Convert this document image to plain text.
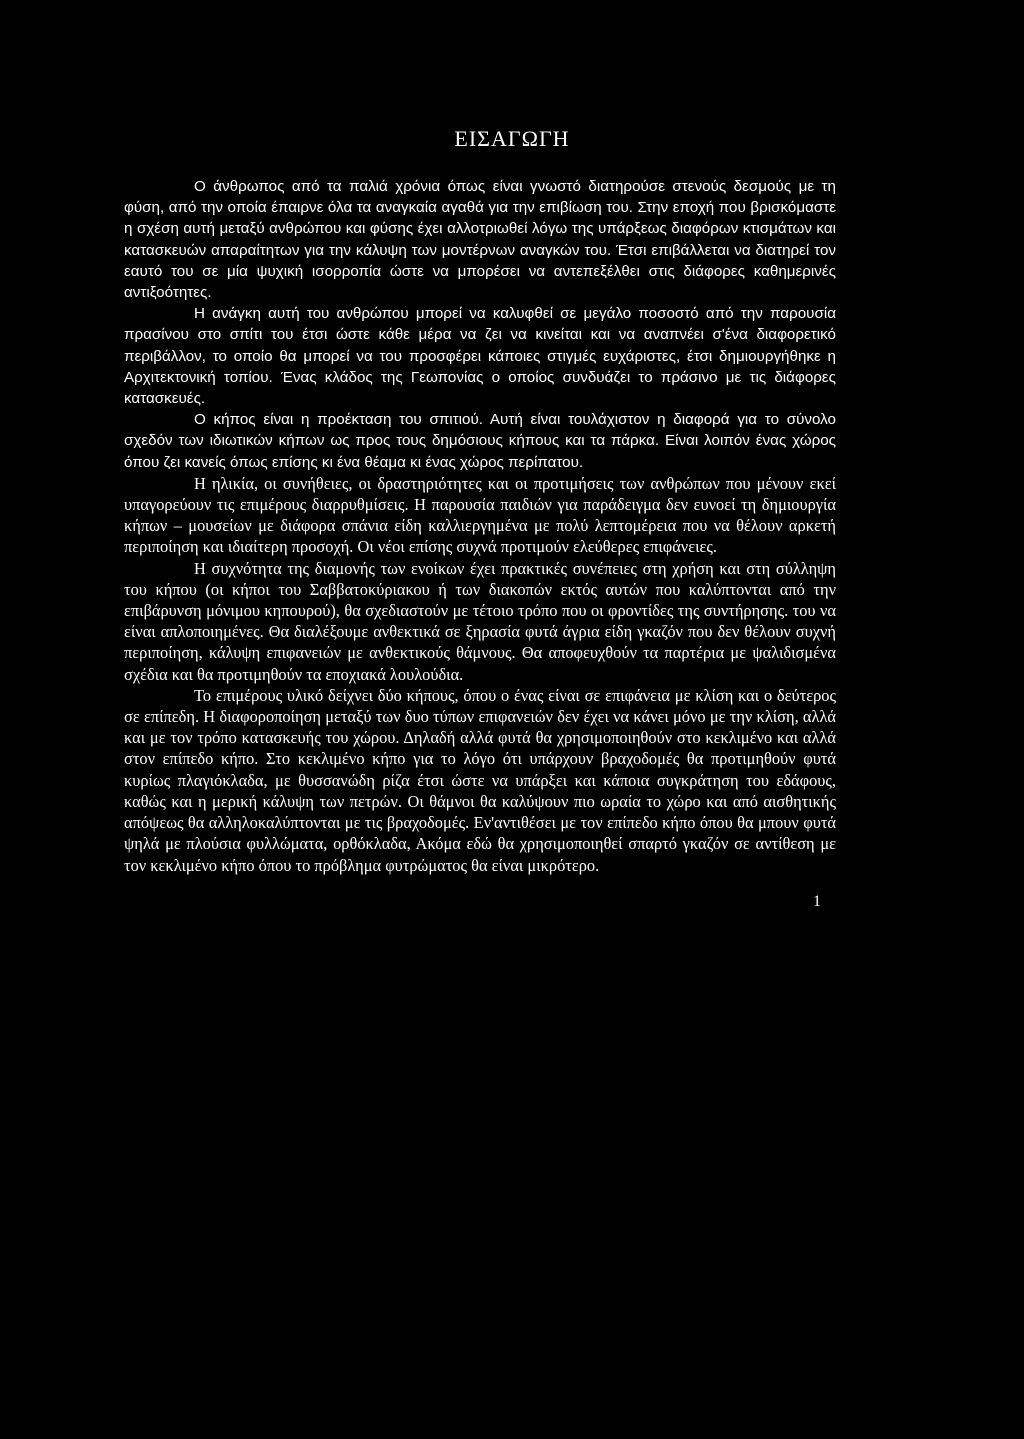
ΕΙΣΑΓΩΓΗ

Ο άνθρωπος από τα παλιά χρόνια όπως είναι γνωστό διατηρούσε στενούς δεσμούς με τη φύση, από την οποία έπαιρνε όλα τα αναγκαία αγαθά για την επιβίωση του. Στην εποχή που βρισκόμαστε η σχέση αυτή μεταξύ ανθρώπου και φύσης έχει αλλοτριωθεί λόγω της υπάρξεως διαφόρων κτισμάτων και κατασκευών απαραίτητων για την κάλυψη των μοντέρνων αναγκών του. Έτσι επιβάλλεται να διατηρεί τον εαυτό του σε μία ψυχική ισορροπία ώστε να μπορέσει να αντεπεξέλθει στις διάφορες καθημερινές αντιξοότητες.

Η ανάγκη αυτή του ανθρώπου μπορεί να καλυφθεί σε μεγάλο ποσοστό από την παρουσία πρασίνου στο σπίτι του έτσι ώστε κάθε μέρα να ζει να κινείται και να αναπνέει σ'ένα διαφορετικό περιβάλλον, το οποίο θα μπορεί να του προσφέρει κάποιες στιγμές ευχάριστες, έτσι δημιουργήθηκε η Αρχιτεκτονική τοπίου. Ένας κλάδος της Γεωπονίας ο οποίος συνδυάζει το πράσινο με τις διάφορες κατασκευές.

Ο κήπος είναι η προέκταση του σπιτιού. Αυτή είναι τουλάχιστον η διαφορά για το σύνολο σχεδόν των ιδιωτικών κήπων ως προς τους δημόσιους κήπους και τα πάρκα. Είναι λοιπόν ένας χώρος όπου ζει κανείς όπως επίσης κι ένα θέαμα κι ένας χώρος περίπατου.

Η ηλικία, οι συνήθειες, οι δραστηριότητες και οι προτιμήσεις των ανθρώπων που μένουν εκεί υπαγορεύουν τις επιμέρους διαρρυθμίσεις. Η παρουσία παιδιών για παράδειγμα δεν ευνοεί τη δημιουργία κήπων – μουσείων με διάφορα σπάνια είδη καλλιεργημένα με πολύ λεπτομέρεια που να θέλουν αρκετή περιποίηση και ιδιαίτερη προσοχή. Οι νέοι επίσης συχνά προτιμούν ελεύθερες επιφάνειες.

Η συχνότητα της διαμονής των ενοίκων έχει πρακτικές συνέπειες στη χρήση και στη σύλληψη του κήπου (οι κήποι του Σαββατοκύριακου ή των διακοπών εκτός αυτών που καλύπτονται από την επιβάρυνση μόνιμου κηπουρού), θα σχεδιαστούν με τέτοιο τρόπο που οι φροντίδες της συντήρησης. του να είναι απλοποιημένες. Θα διαλέξουμε ανθεκτικά σε ξηρασία φυτά άγρια είδη γκαζόν που δεν θέλουν συχνή περιποίηση, κάλυψη επιφανειών με ανθεκτικούς θάμνους. Θα αποφευχθούν τα παρτέρια με ψαλιδισμένα σχέδια και θα προτιμηθούν τα εποχιακά λουλούδια.

Το επιμέρους υλικό δείχνει δύο κήπους, όπου ο ένας είναι σε επιφάνεια με κλίση και ο δεύτερος σε επίπεδη. Η διαφοροποίηση μεταξύ των δυο τύπων επιφανειών δεν έχει να κάνει μόνο με την κλίση, αλλά και με τον τρόπο κατασκευής του χώρου. Δηλαδή αλλά φυτά θα χρησιμοποιηθούν στο κεκλιμένο και αλλά στον επίπεδο κήπο. Στο κεκλιμένο κήπο για το λόγο ότι υπάρχουν βραχοδομές θα προτιμηθούν φυτά κυρίως πλαγιόκλαδα, με θυσσανώδη ρίζα έτσι ώστε να υπάρξει και κάποια συγκράτηση του εδάφους, καθώς και η μερική κάλυψη των πετρών. Οι θάμνοι θα καλύψουν πιο ωραία το χώρο και από αισθητικής απόψεως θα αλληλοκαλύπτονται με τις βραχοδομές. Εν'αντιθέσει με τον επίπεδο κήπο όπου θα μπουν φυτά ψηλά με πλούσια φυλλώματα, ορθόκλαδα, Ακόμα εδώ θα χρησιμοποιηθεί σπαρτό γκαζόν σε αντίθεση με τον κεκλιμένο κήπο όπου το πρόβλημα φυτρώματος θα είναι μικρότερο.

1
